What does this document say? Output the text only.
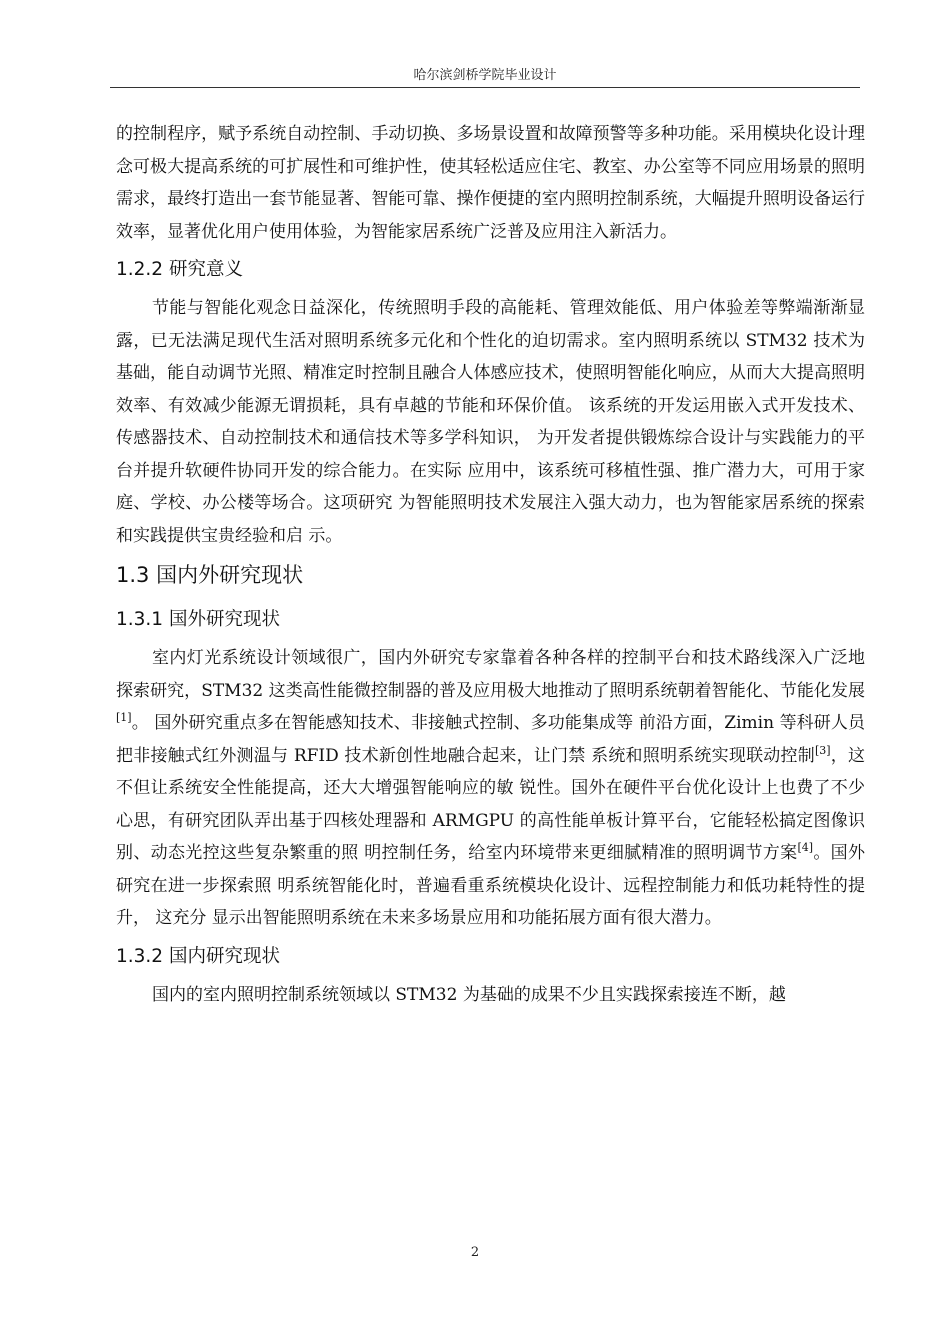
哈尔滨剑桥学院毕业设计

的控制程序，赋予系统自动控制、手动切换、多场景设置和故障预警等多种功能。采用模块化设计理念可极大提高系统的可扩展性和可维护性，使其轻松适应住宅、教室、办公室等不同应用场景的照明需求，最终打造出一套节能显著、智能可靠、操作便捷的室内照明控制系统，大幅提升照明设备运行效率，显著优化用户使用体验，为智能家居系统广泛普及应用注入新活力。

1.2.2 研究意义

节能与智能化观念日益深化，传统照明手段的高能耗、管理效能低、用户体验差等弊端渐渐显露，已无法满足现代生活对照明系统多元化和个性化的迫切需求。室内照明系统以 STM32 技术为基础，能自动调节光照、精准定时控制且融合人体感应技术，使照明智能化响应，从而大大提高照明效率、有效减少能源无谓损耗，具有卓越的节能和环保价值。 该系统的开发运用嵌入式开发技术、传感器技术、自动控制技术和通信技术等多学科知识， 为开发者提供锻炼综合设计与实践能力的平台并提升软硬件协同开发的综合能力。在实际 应用中，该系统可移植性强、推广潜力大，可用于家庭、学校、办公楼等场合。这项研究 为智能照明技术发展注入强大动力，也为智能家居系统的探索和实践提供宝贵经验和启 示。

1.3 国内外研究现状
1.3.1 国外研究现状

室内灯光系统设计领域很广，国内外研究专家靠着各种各样的控制平台和技术路线深入广泛地探索研究，STM32 这类高性能微控制器的普及应用极大地推动了照明系统朝着智能化、节能化发展[1]。 国外研究重点多在智能感知技术、非接触式控制、多功能集成等 前沿方面，Zimin 等科研人员把非接触式红外测温与 RFID 技术新创性地融合起来，让门禁 系统和照明系统实现联动控制[3]，这不但让系统安全性能提高，还大大增强智能响应的敏 锐性。国外在硬件平台优化设计上也费了不少心思，有研究团队弄出基于四核处理器和 ARMGPU 的高性能单板计算平台，它能轻松搞定图像识别、动态光控这些复杂繁重的照 明控制任务，给室内环境带来更细腻精准的照明调节方案[4]。国外研究在进一步探索照 明系统智能化时，普遍看重系统模块化设计、远程控制能力和低功耗特性的提升， 这充分 显示出智能照明系统在未来多场景应用和功能拓展方面有很大潜力。

1.3.2 国内研究现状

国内的室内照明控制系统领域以 STM32 为基础的成果不少且实践探索接连不断，越

2
